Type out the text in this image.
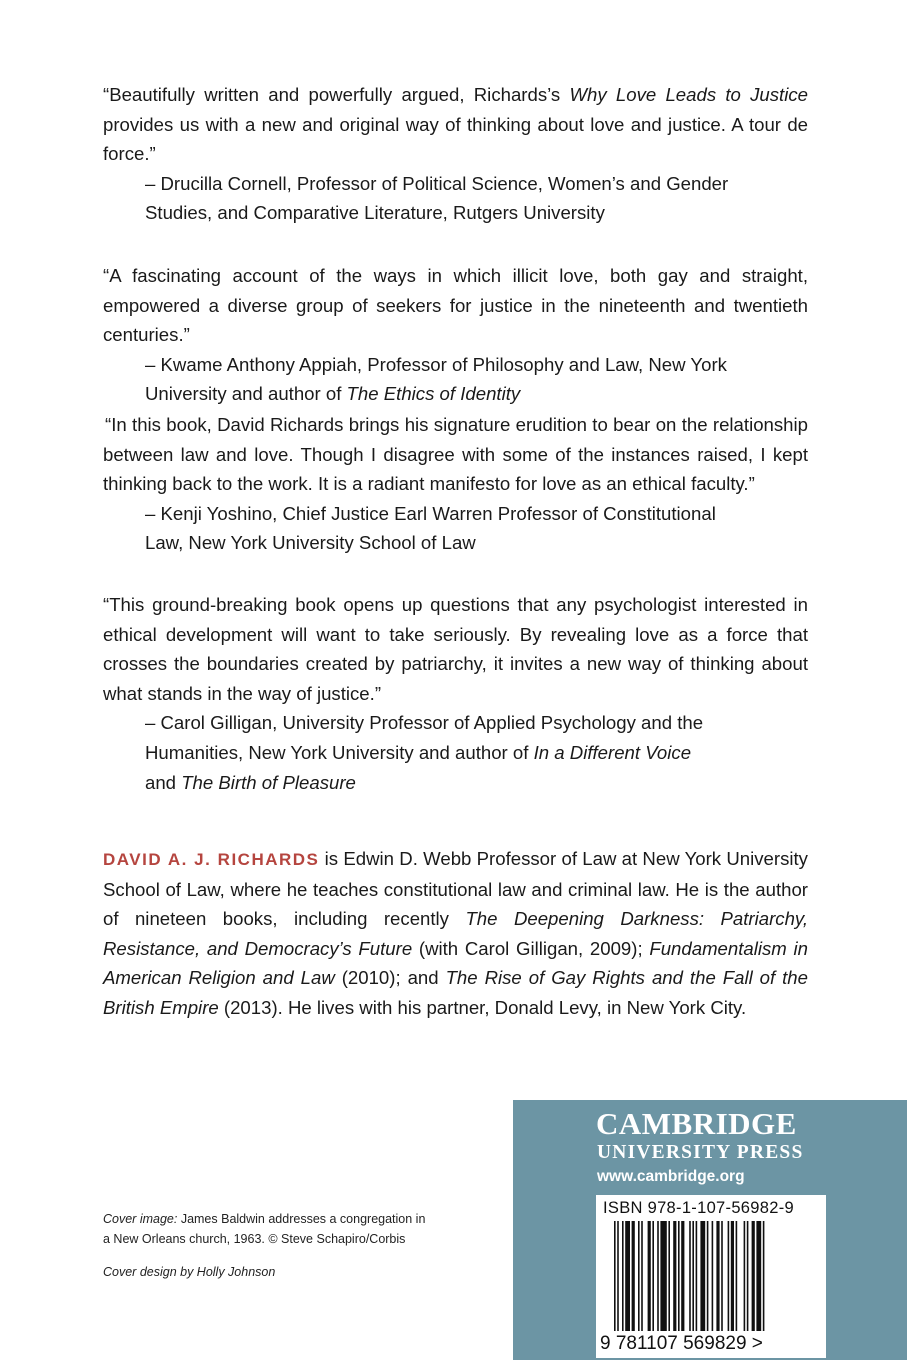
“Beautifully written and powerfully argued, Richards’s Why Love Leads to Justice provides us with a new and original way of thinking about love and justice. A tour de force.”

– Drucilla Cornell, Professor of Political Science, Women’s and Gender
Studies, and Comparative Literature, Rutgers University

“A fascinating account of the ways in which illicit love, both gay and straight, empowered a diverse group of seekers for justice in the nineteenth and twentieth centuries.”

– Kwame Anthony Appiah, Professor of Philosophy and Law, New York
University and author of The Ethics of Identity

“In this book, David Richards brings his signature erudition to bear on the relationship between law and love. Though I disagree with some of the instances raised, I kept thinking back to the work. It is a radiant manifesto for love as an ethical faculty.”

– Kenji Yoshino, Chief Justice Earl Warren Professor of Constitutional
Law, New York University School of Law

“This ground-breaking book opens up questions that any psychologist interested in ethical development will want to take seriously. By revealing love as a force that crosses the boundaries created by patriarchy, it invites a new way of thinking about what stands in the way of justice.”

– Carol Gilligan, University Professor of Applied Psychology and the
Humanities, New York University and author of In a Different Voice
and The Birth of Pleasure

DAVID A. J. RICHARDS is Edwin D. Webb Professor of Law at New York University School of Law, where he teaches constitutional law and criminal law. He is the author of nineteen books, including recently The Deepening Darkness: Patriarchy, Resistance, and Democracy’s Future (with Carol Gilligan, 2009); Fundamentalism in American Religion and Law (2010); and The Rise of Gay Rights and the Fall of the British Empire (2013). He lives with his partner, Donald Levy, in New York City.

Cover image: James Baldwin addresses a congregation in

a New Orleans church, 1963. © Steve Schapiro/Corbis

Cover design by Holly Johnson

CAMBRIDGE
UNIVERSITY PRESS
www.cambridge.org
ISBN 978-1-107-56982-9
9 781107 569829 >
